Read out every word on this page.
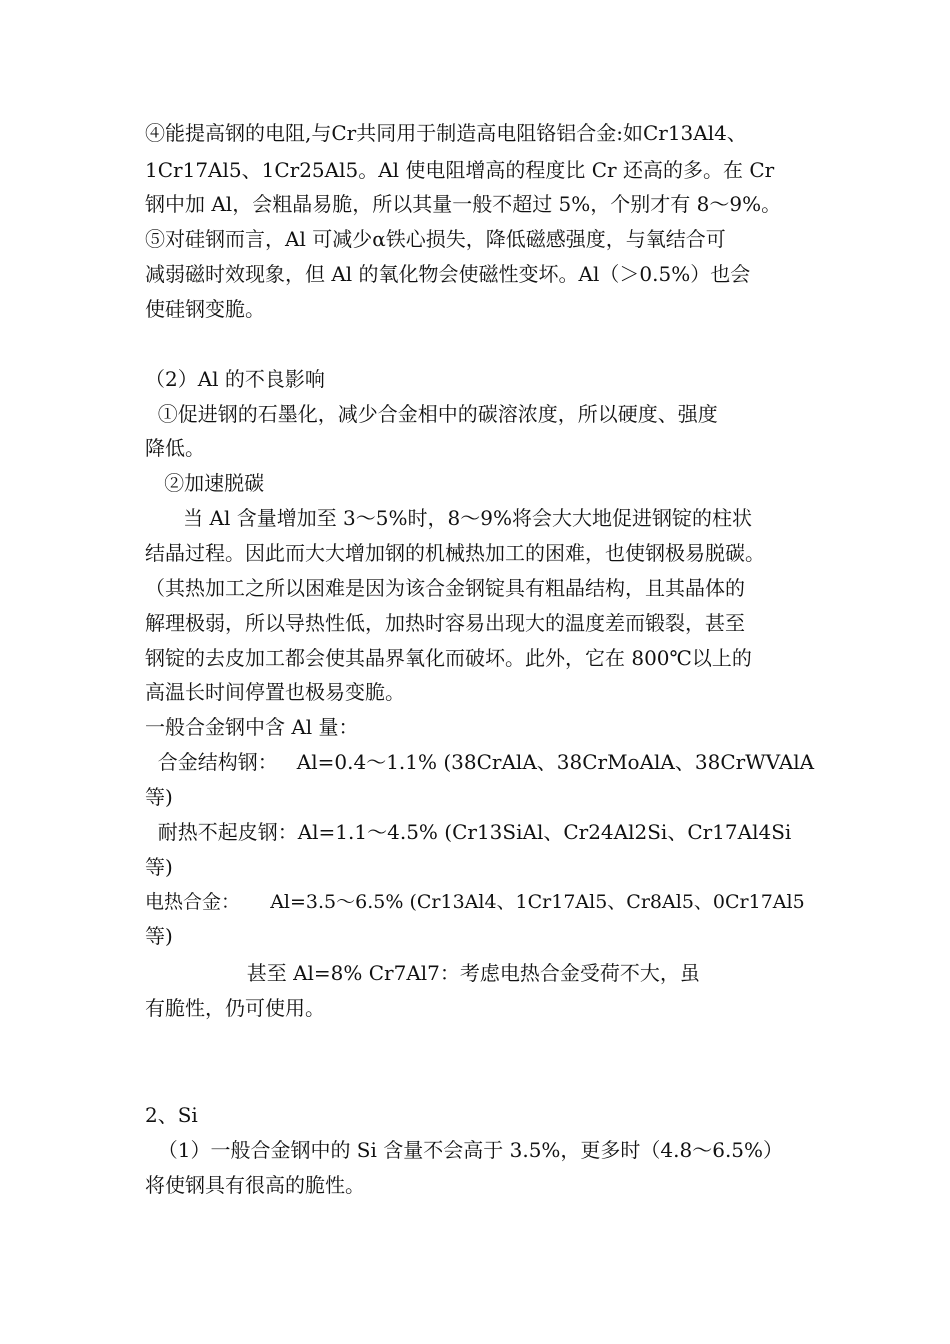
④能提高钢的电阻,与Cr共同用于制造高电阻铬铝合金:如Cr13Al4、
1Cr17Al5、1Cr25Al5。Al 使电阻增高的程度比 Cr 还高的多。在 Cr
钢中加 Al，会粗晶易脆，所以其量一般不超过 5%，个别才有 8～9%。
⑤对硅钢而言，Al 可减少α铁心损失，降低磁感强度，与氧结合可
减弱磁时效现象，但 Al 的氧化物会使磁性变坏。Al（＞0.5%）也会
使硅钢变脆。
（2）Al 的不良影响
①促进钢的石墨化，减少合金相中的碳溶浓度，所以硬度、强度
降低。
②加速脱碳
当 Al 含量增加至 3～5%时，8～9%将会大大地促进钢锭的柱状
结晶过程。因此而大大增加钢的机械热加工的困难，也使钢极易脱碳。
（其热加工之所以困难是因为该合金钢锭具有粗晶结构，且其晶体的
解理极弱，所以导热性低，加热时容易出现大的温度差而锻裂，甚至
钢锭的去皮加工都会使其晶界氧化而破坏。此外，它在 800℃以上的
高温长时间停置也极易变脆。
一般合金钢中含 Al 量：
合金结构钢：   Al=0.4～1.1% (38CrAlA、38CrMoAlA、38CrWVAlA
等)
耐热不起皮钢：Al=1.1～4.5% (Cr13SiAl、Cr24Al2Si、Cr17Al4Si
等)
电热合金：     Al=3.5～6.5% (Cr13Al4、1Cr17Al5、Cr8Al5、0Cr17Al5
等)
甚至 Al=8% Cr7Al7：考虑电热合金受荷不大，虽
有脆性，仍可使用。
2、Si
（1）一般合金钢中的 Si 含量不会高于 3.5%，更多时（4.8～6.5%）
将使钢具有很高的脆性。
